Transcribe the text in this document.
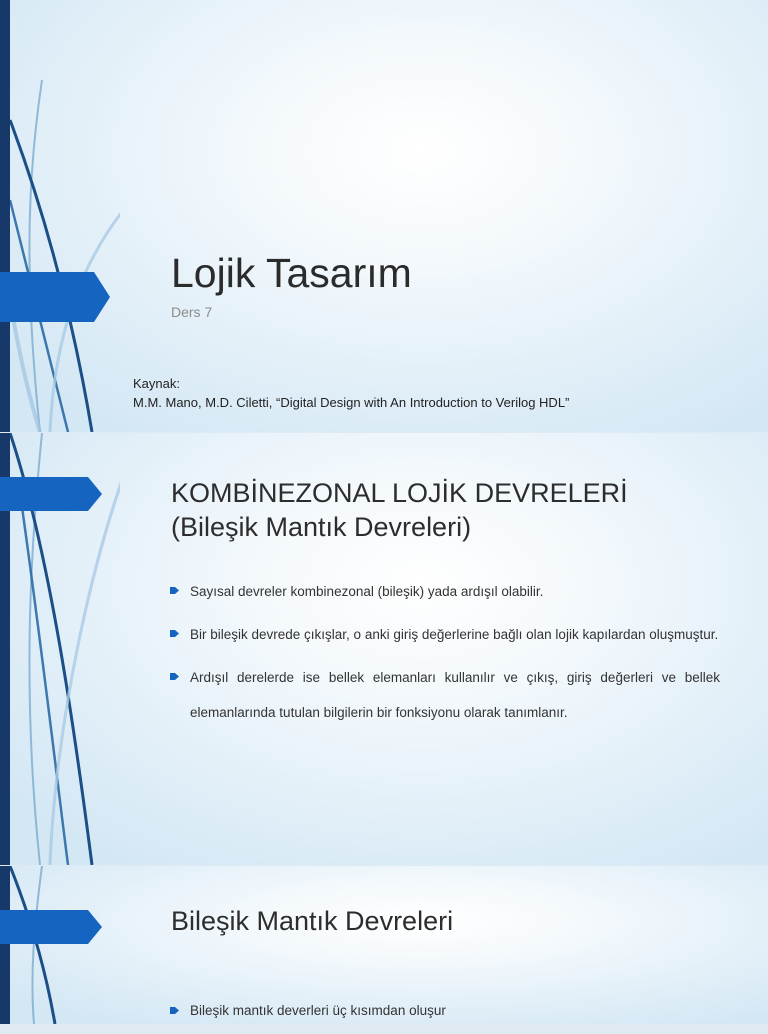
Lojik Tasarım
Ders 7
Kaynak:
M.M. Mano, M.D. Ciletti, “Digital Design with An Introduction to Verilog HDL”
KOMBİNEZONAL LOJİK DEVRELERİ
(Bileşik Mantık Devreleri)
Sayısal devreler kombinezonal (bileşik) yada ardışıl olabilir.
Bir bileşik devrede çıkışlar, o anki giriş değerlerine bağlı olan lojik kapılardan oluşmuştur.
Ardışıl derelerde ise bellek elemanları kullanılır ve çıkış, giriş değerleri ve bellek elemanlarında tutulan bilgilerin bir fonksiyonu olarak tanımlanır.
Bileşik Mantık Devreleri
Bileşik mantık deverleri üç kısımdan oluşur
